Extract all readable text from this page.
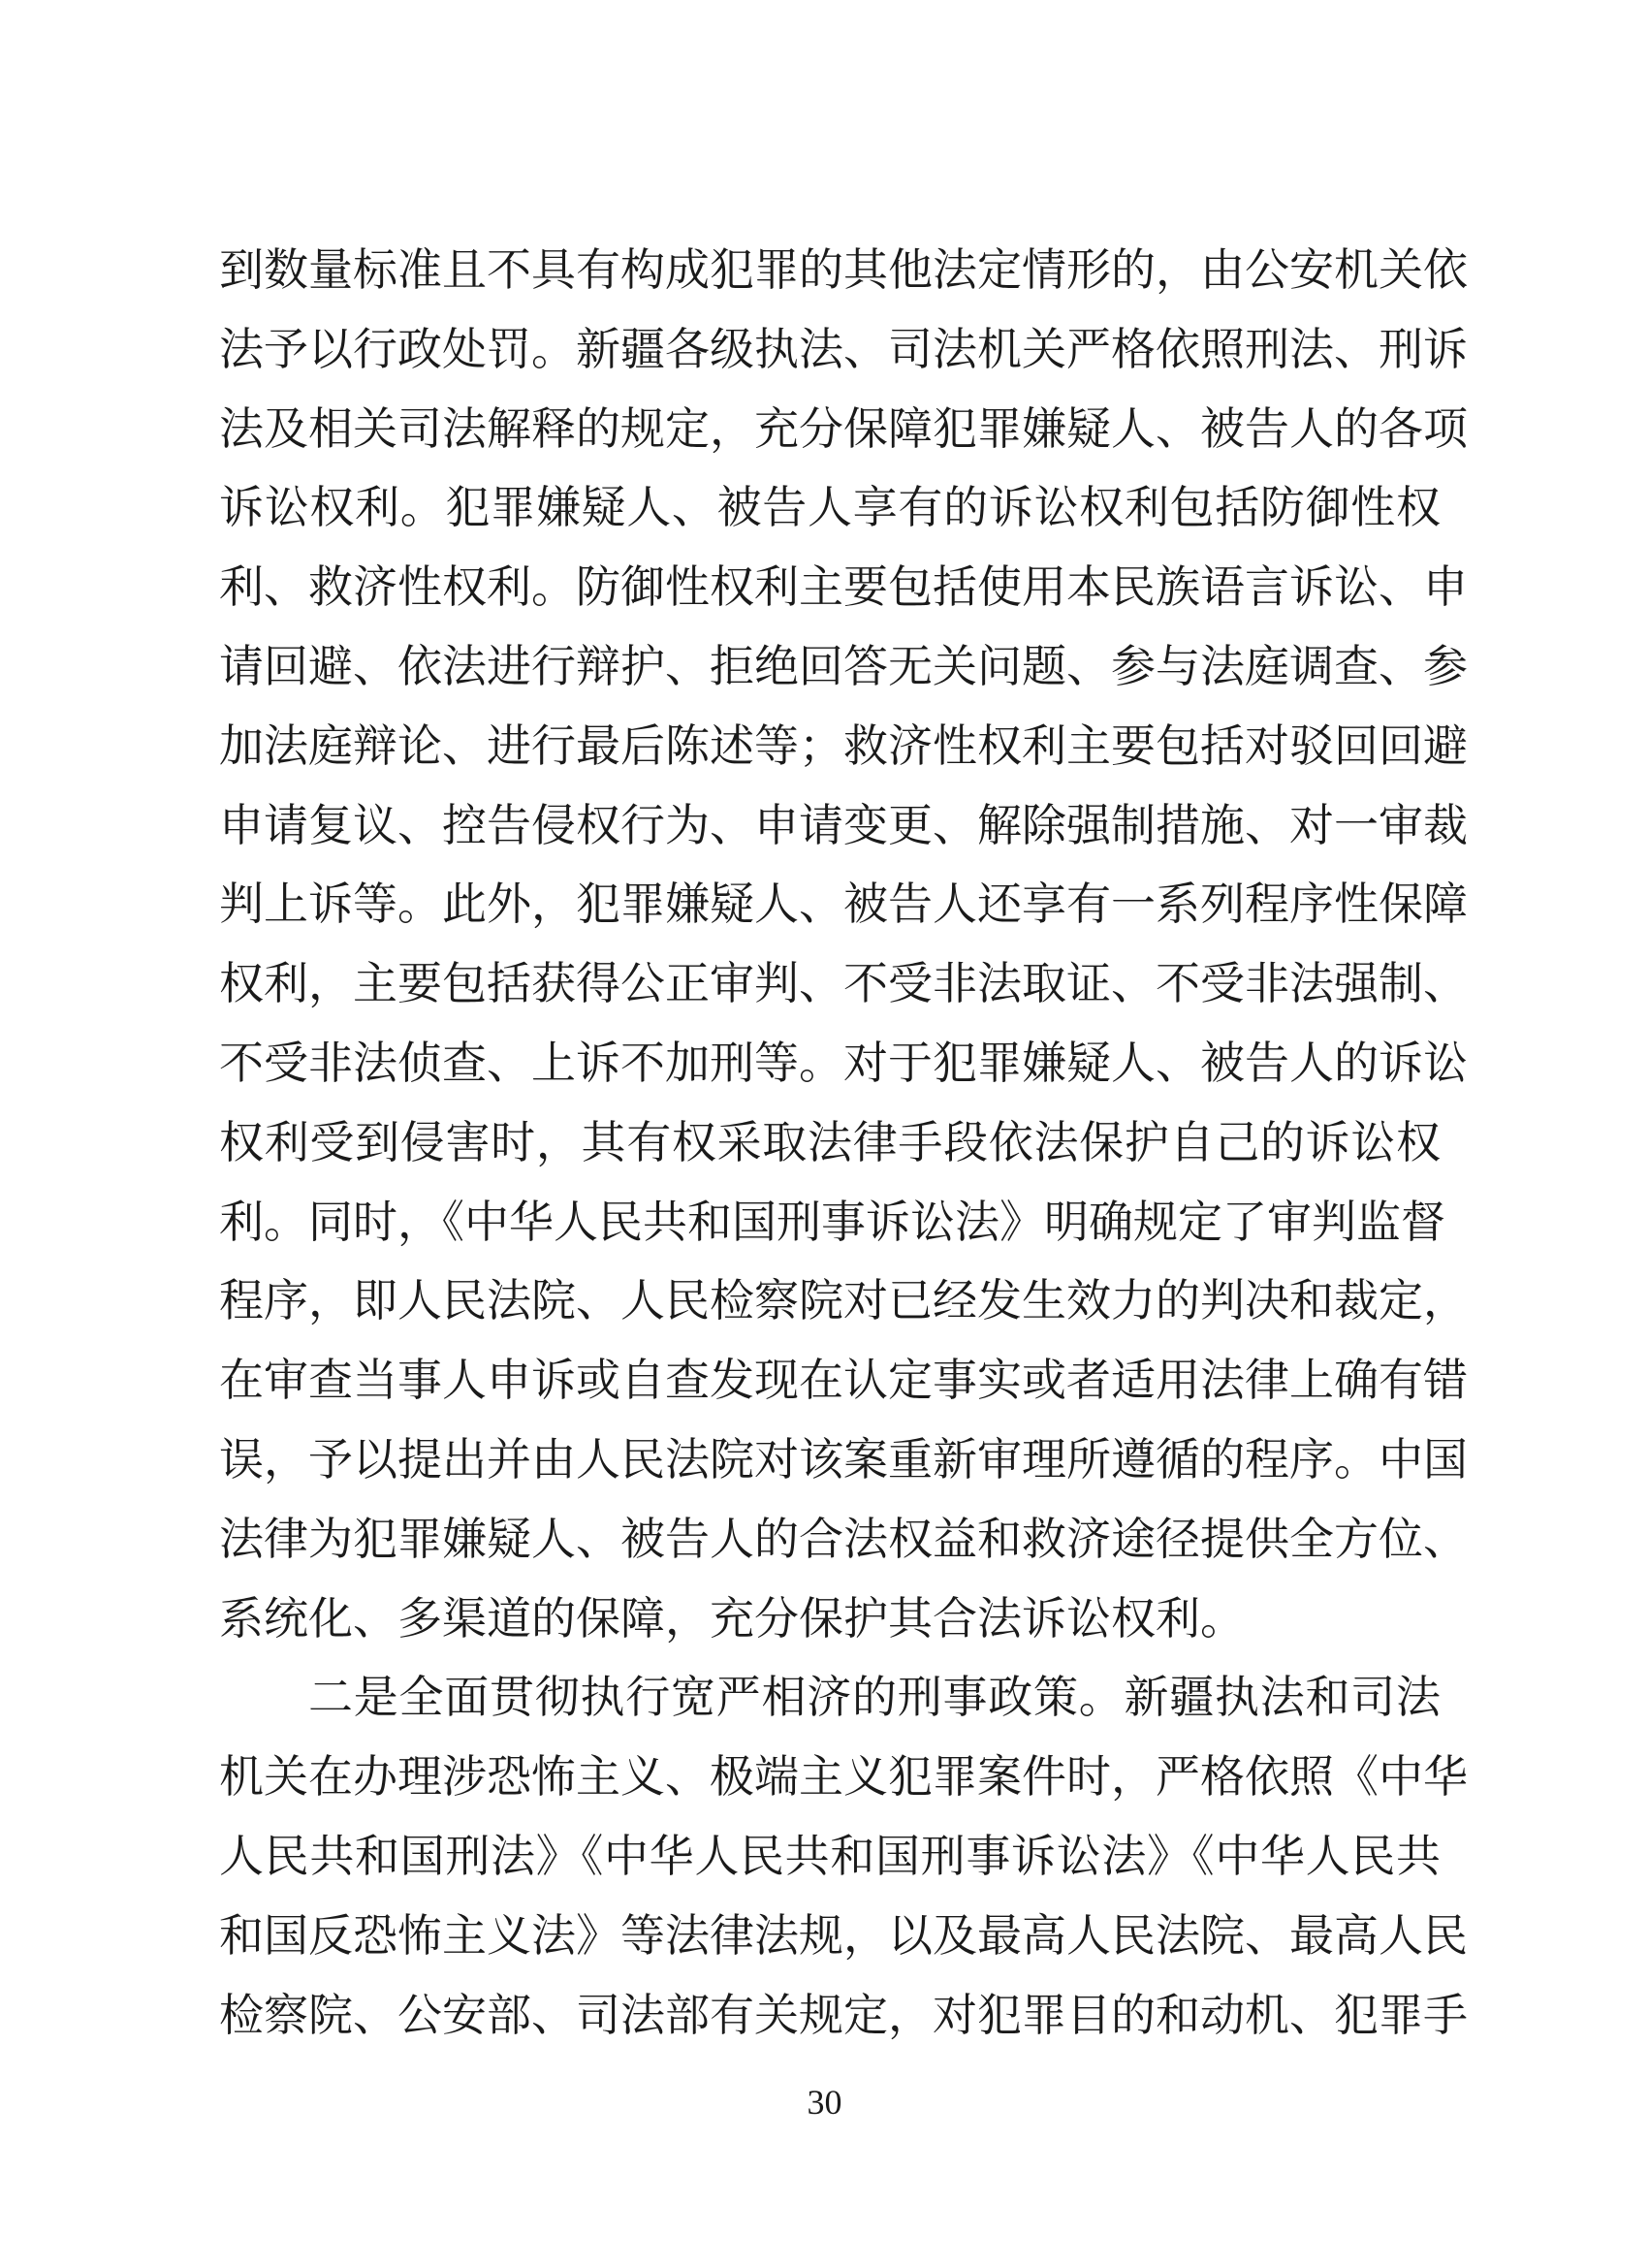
到数量标准且不具有构成犯罪的其他法定情形的，由公安机关依
法予以行政处罚。新疆各级执法、司法机关严格依照刑法、刑诉
法及相关司法解释的规定，充分保障犯罪嫌疑人、被告人的各项
诉讼权利。犯罪嫌疑人、被告人享有的诉讼权利包括防御性权
利、救济性权利。防御性权利主要包括使用本民族语言诉讼、申
请回避、依法进行辩护、拒绝回答无关问题、参与法庭调查、参
加法庭辩论、进行最后陈述等；救济性权利主要包括对驳回回避
申请复议、控告侵权行为、申请变更、解除强制措施、对一审裁
判上诉等。此外，犯罪嫌疑人、被告人还享有一系列程序性保障
权利，主要包括获得公正审判、不受非法取证、不受非法强制、
不受非法侦查、上诉不加刑等。对于犯罪嫌疑人、被告人的诉讼
权利受到侵害时，其有权采取法律手段依法保护自己的诉讼权
利。同时，《中华人民共和国刑事诉讼法》明确规定了审判监督
程序，即人民法院、人民检察院对已经发生效力的判决和裁定，
在审查当事人申诉或自查发现在认定事实或者适用法律上确有错
误，予以提出并由人民法院对该案重新审理所遵循的程序。中国
法律为犯罪嫌疑人、被告人的合法权益和救济途径提供全方位、
系统化、多渠道的保障，充分保护其合法诉讼权利。
二是全面贯彻执行宽严相济的刑事政策。新疆执法和司法
机关在办理涉恐怖主义、极端主义犯罪案件时，严格依照《中华
人民共和国刑法》《中华人民共和国刑事诉讼法》《中华人民共
和国反恐怖主义法》等法律法规，以及最高人民法院、最高人民
检察院、公安部、司法部有关规定，对犯罪目的和动机、犯罪手
30
